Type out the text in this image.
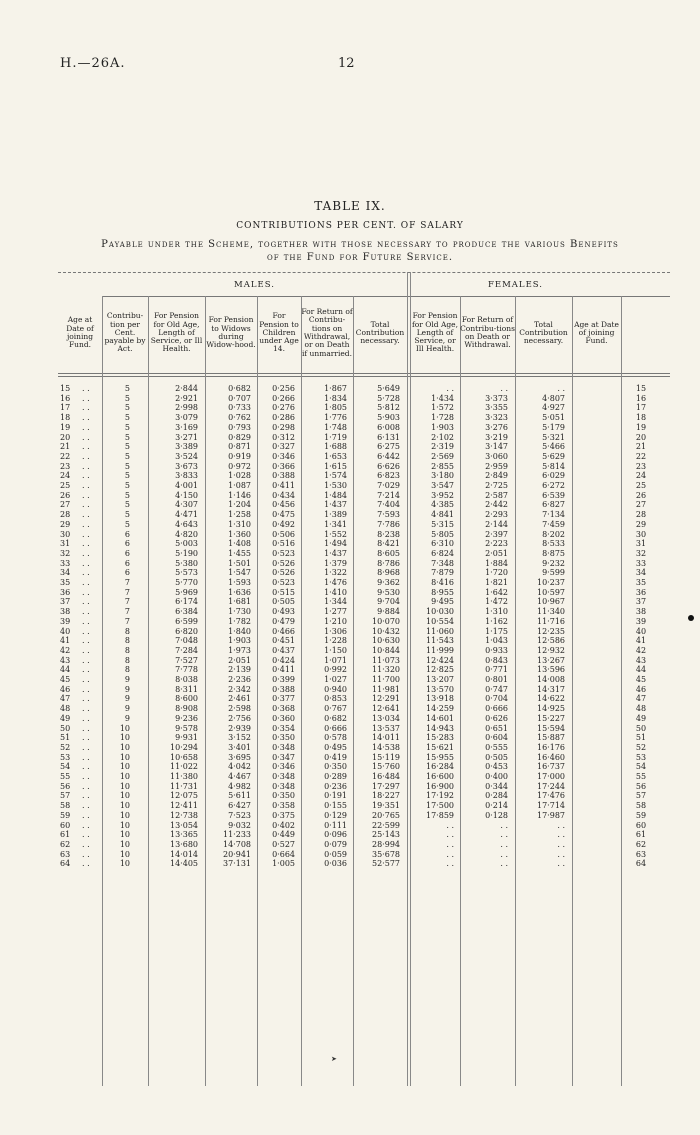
H.—26A.	12
TABLE IX.
CONTRIBUTIONS PER CENT. OF SALARY
Payable under the Scheme, together with those necessary to produce the various Benefits
of the Fund for Future Service.
MALES.	FEMALES.
Age at Date of joining Fund.
Contribu-tion per Cent. payable by Act.
For Pension for Old Age, Length of Service, or Ill Health.
For Pension to Widows during Widow-hood.
For Pension to Children under Age 14.
For Return of Contribu-tions on Withdrawal, or on Death if unmarried.
Total Contribution necessary.
For Pension for Old Age, Length of Service, or Ill Health.
For Return of Contribu-tions on Death or Withdrawal.
Total Contribution necessary.
Age at Date of joining Fund.
15	5	2·844	0·682	0·256	1·867	5·649	. .	. .	. .	15
. .
16	5	2·921	0·707	0·266	1·834	5·728	1·434	3·373	4·807	16
. .
17	5	2·998	0·733	0·276	1·805	5·812	1·572	3·355	4·927	17
. .
18	5	3·079	0·762	0·286	1·776	5·903	1·728	3·323	5·051	18
. .
19	5	3·169	0·793	0·298	1·748	6·008	1·903	3·276	5·179	19
. .
20	5	3·271	0·829	0·312	1·719	6·131	2·102	3·219	5·321	20
. .
21	5	3·389	0·871	0·327	1·688	6·275	2·319	3·147	5·466	21
. .
22	5	3·524	0·919	0·346	1·653	6·442	2·569	3·060	5·629	22
. .
23	5	3·673	0·972	0·366	1·615	6·626	2·855	2·959	5·814	23
. .
24	5	3·833	1·028	0·388	1·574	6·823	3·180	2·849	6·029	24
. .
25	5	4·001	1·087	0·411	1·530	7·029	3·547	2·725	6·272	25
. .
26	5	4·150	1·146	0·434	1·484	7·214	3·952	2·587	6·539	26
. .
27	5	4·307	1·204	0·456	1·437	7·404	4·385	2·442	6·827	27
. .
28	5	4·471	1·258	0·475	1·389	7·593	4·841	2·293	7·134	28
. .
29	5	4·643	1·310	0·492	1·341	7·786	5·315	2·144	7·459	29
. .
30	6	4·820	1·360	0·506	1·552	8·238	5·805	2·397	8·202	30
. .
31	6	5·003	1·408	0·516	1·494	8·421	6·310	2·223	8·533	31
. .
32	6	5·190	1·455	0·523	1·437	8·605	6·824	2·051	8·875	32
. .
33	6	5·380	1·501	0·526	1·379	8·786	7·348	1·884	9·232	33
. .
34	6	5·573	1·547	0·526	1·322	8·968	7·879	1·720	9·599	34
. .
35	7	5·770	1·593	0·523	1·476	9·362	8·416	1·821	10·237	35
. .
36	7	5·969	1·636	0·515	1·410	9·530	8·955	1·642	10·597	36
. .
37	7	6·174	1·681	0·505	1·344	9·704	9·495	1·472	10·967	37
. .
38	7	6·384	1·730	0·493	1·277	9·884	10·030	1·310	11·340	38
. .
39	7	6·599	1·782	0·479	1·210	10·070	10·554	1·162	11·716	39
. .
40	8	6·820	1·840	0·466	1·306	10·432	11·060	1·175	12·235	40
. .
41	8	7·048	1·903	0·451	1·228	10·630	11·543	1·043	12·586	41
. .
42	8	7·284	1·973	0·437	1·150	10·844	11·999	0·933	12·932	42
. .
43	8	7·527	2·051	0·424	1·071	11·073	12·424	0·843	13·267	43
. .
44	8	7·778	2·139	0·411	0·992	11·320	12·825	0·771	13·596	44
. .
45	9	8·038	2·236	0·399	1·027	11·700	13·207	0·801	14·008	45
. .
46	9	8·311	2·342	0·388	0·940	11·981	13·570	0·747	14·317	46
. .
47	9	8·600	2·461	0·377	0·853	12·291	13·918	0·704	14·622	47
. .
48	9	8·908	2·598	0·368	0·767	12·641	14·259	0·666	14·925	48
. .
49	9	9·236	2·756	0·360	0·682	13·034	14·601	0·626	15·227	49
. .
50	10	9·578	2·939	0·354	0·666	13·537	14·943	0·651	15·594	50
. .
51	10	9·931	3·152	0·350	0·578	14·011	15·283	0·604	15·887	51
. .
52	10	10·294	3·401	0·348	0·495	14·538	15·621	0·555	16·176	52
. .
53	10	10·658	3·695	0·347	0·419	15·119	15·955	0·505	16·460	53
. .
54	10	11·022	4·042	0·346	0·350	15·760	16·284	0·453	16·737	54
. .
55	10	11·380	4·467	0·348	0·289	16·484	16·600	0·400	17·000	55
. .
56	10	11·731	4·982	0·348	0·236	17·297	16·900	0·344	17·244	56
. .
57	10	12·075	5·611	0·350	0·191	18·227	17·192	0·284	17·476	57
. .
58	10	12·411	6·427	0·358	0·155	19·351	17·500	0·214	17·714	58
. .
59	10	12·738	7·523	0·375	0·129	20·765	17·859	0·128	17·987	59
. .
60	10	13·054	9·032	0·402	0·111	22·599	. .	. .	. .	60
. .
61	10	13·365	11·233	0·449	0·096	25·143	. .	. .	. .	61
. .
62	10	13·680	14·708	0·527	0·079	28·994	. .	. .	. .	62
. .
63	10	14·014	20·941	0·664	0·059	35·678	. .	. .	. .	63
. .
64	10	14·405	37·131	1·005	0·036	52·577	. .	. .	. .	64
. .
➤
